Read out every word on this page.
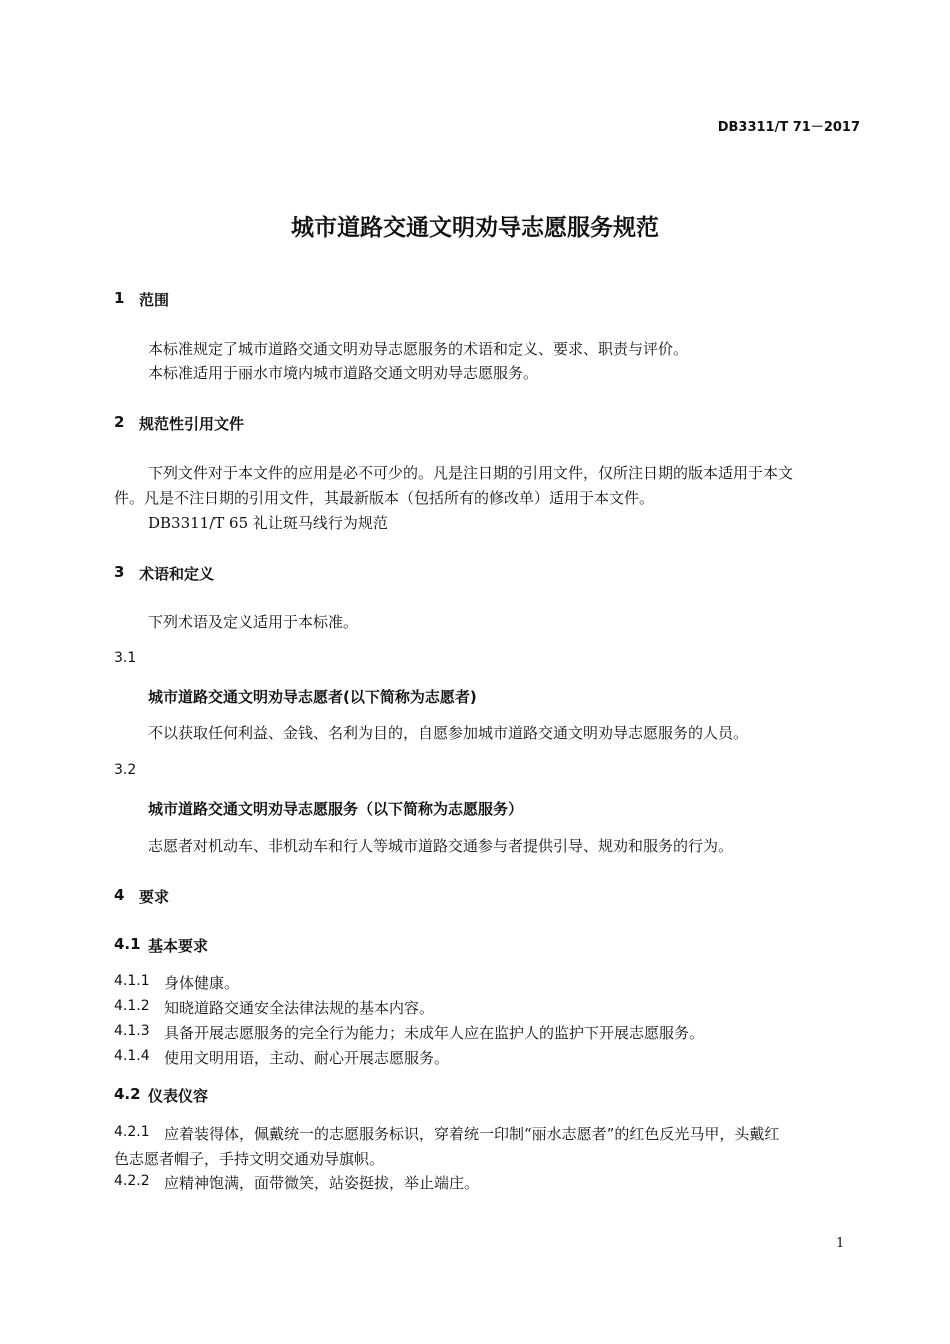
DB3311/T 71－2017
城市道路交通文明劝导志愿服务规范
1 范围
本标准规定了城市道路交通文明劝导志愿服务的术语和定义、要求、职责与评价。
本标准适用于丽水市境内城市道路交通文明劝导志愿服务。
2 规范性引用文件
下列文件对于本文件的应用是必不可少的。凡是注日期的引用文件，仅所注日期的版本适用于本文
件。凡是不注日期的引用文件，其最新版本（包括所有的修改单）适用于本文件。
DB3311/T 65 礼让斑马线行为规范
3 术语和定义
下列术语及定义适用于本标准。
3.1
城市道路交通文明劝导志愿者(以下简称为志愿者)
不以获取任何利益、金钱、名利为目的，自愿参加城市道路交通文明劝导志愿服务的人员。
3.2
城市道路交通文明劝导志愿服务（以下简称为志愿服务）
志愿者对机动车、非机动车和行人等城市道路交通参与者提供引导、规劝和服务的行为。
4 要求
4.1 基本要求
4.1.1 身体健康。
4.1.2 知晓道路交通安全法律法规的基本内容。
4.1.3 具备开展志愿服务的完全行为能力；未成年人应在监护人的监护下开展志愿服务。
4.1.4 使用文明用语，主动、耐心开展志愿服务。
4.2 仪表仪容
4.2.1 应着装得体，佩戴统一的志愿服务标识，穿着统一印制“丽水志愿者”的红色反光马甲，头戴红
色志愿者帽子，手持文明交通劝导旗帜。
4.2.2 应精神饱满，面带微笑，站姿挺拔，举止端庄。
1
